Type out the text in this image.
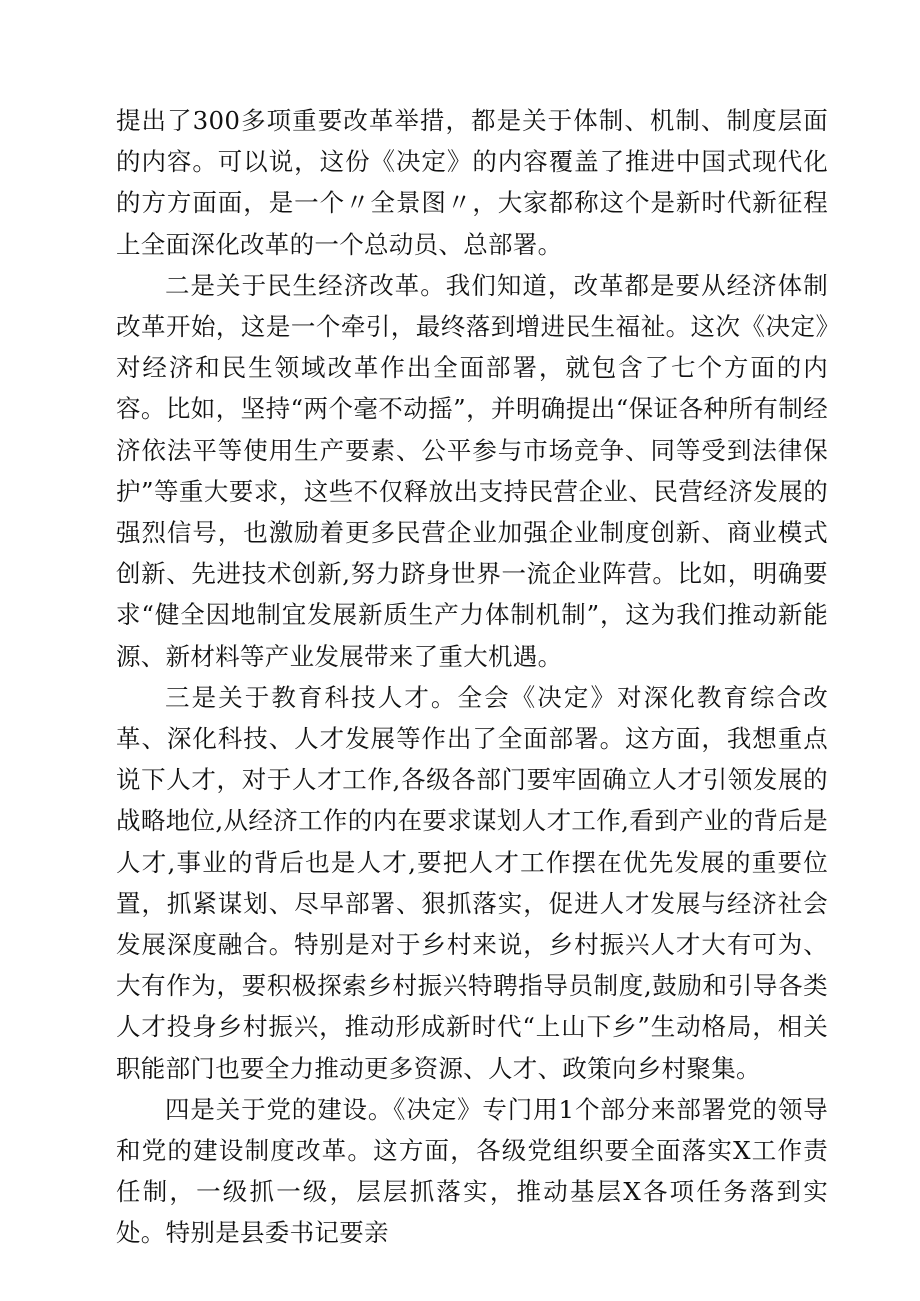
提出了300多项重要改革举措，都是关于体制、机制、制度层面的内容。可以说，这份《决定》的内容覆盖了推进中国式现代化的方方面面，是一个〃全景图〃，大家都称这个是新时代新征程上全面深化改革的一个总动员、总部署。

二是关于民生经济改革。我们知道，改革都是要从经济体制改革开始，这是一个牵引，最终落到增进民生福祉。这次《决定》对经济和民生领域改革作出全面部署，就包含了七个方面的内容。比如，坚持“两个毫不动摇”，并明确提出“保证各种所有制经济依法平等使用生产要素、公平参与市场竞争、同等受到法律保护”等重大要求，这些不仅释放出支持民营企业、民营经济发展的强烈信号，也激励着更多民营企业加强企业制度创新、商业模式创新、先进技术创新,努力跻身世界一流企业阵营。比如，明确要求“健全因地制宜发展新质生产力体制机制”，这为我们推动新能源、新材料等产业发展带来了重大机遇。

三是关于教育科技人才。全会《决定》对深化教育综合改革、深化科技、人才发展等作出了全面部署。这方面，我想重点说下人才，对于人才工作,各级各部门要牢固确立人才引领发展的战略地位,从经济工作的内在要求谋划人才工作,看到产业的背后是人才,事业的背后也是人才,要把人才工作摆在优先发展的重要位置，抓紧谋划、尽早部署、狠抓落实，促进人才发展与经济社会发展深度融合。特别是对于乡村来说，乡村振兴人才大有可为、大有作为，要积极探索乡村振兴特聘指导员制度,鼓励和引导各类人才投身乡村振兴，推动形成新时代“上山下乡”生动格局，相关职能部门也要全力推动更多资源、人才、政策向乡村聚集。

四是关于党的建设。《决定》专门用1个部分来部署党的领导和党的建设制度改革。这方面，各级党组织要全面落实X工作责任制，一级抓一级，层层抓落实，推动基层X各项任务落到实处。特别是县委书记要亲
